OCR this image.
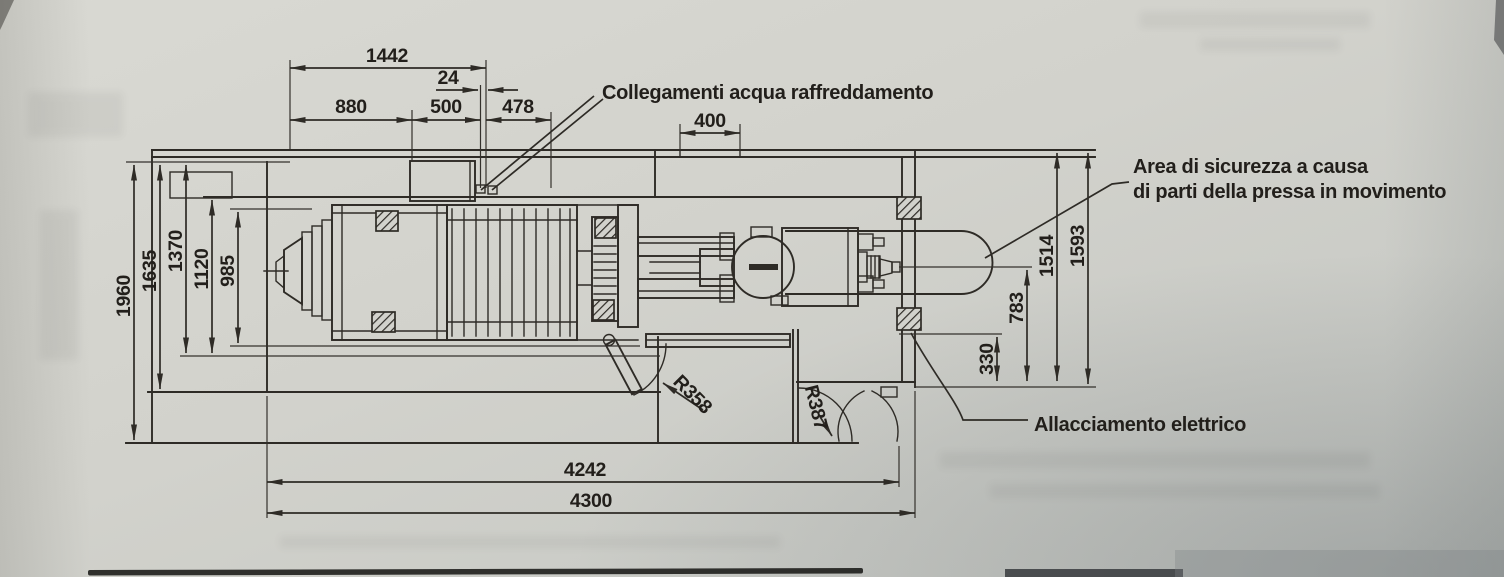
1442
24
880	500 478
400
1960
1635 1370 1120 985	1514 1593
783
330
4242
4300
R358	R387
Collegamenti acqua raffreddamento
Area di sicurezza a causa
di parti della pressa in movimento
Allacciamento elettrico
